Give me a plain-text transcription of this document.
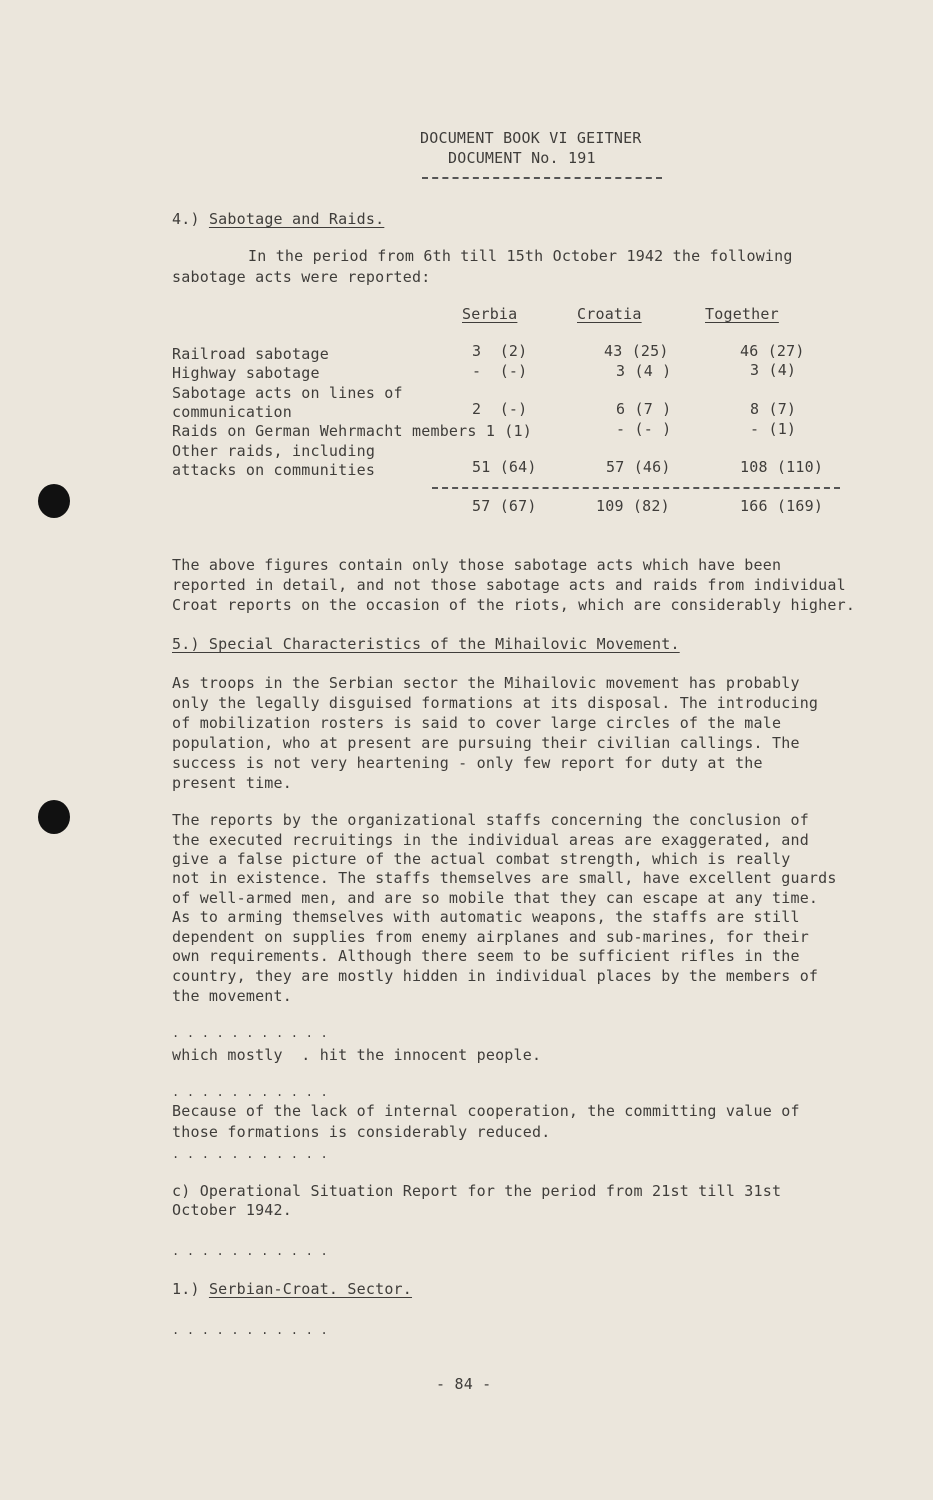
DOCUMENT BOOK VI GEITNER
DOCUMENT No. 191
4.) Sabotage and Raids.
In the period from 6th till 15th October 1942 the following
sabotage acts were reported:
Serbia	Croatia	Together
Railroad sabotage	3  (2)	43 (25)	46 (27)
Highway sabotage	-  (-)	3 (4 )	3 (4)
Sabotage acts on lines of
communication	2  (-)	6 (7 )	8 (7)
Raids on German Wehrmacht members 1 (1)	- (- )	- (1)
Other raids, including
attacks on communities	51 (64)	57 (46)	108 (110)
57 (67)	109 (82)	166 (169)
The above figures contain only those sabotage acts which have been
reported in detail, and not those sabotage acts and raids from individual
Croat reports on the occasion of the riots, which are considerably higher.
5.) Special Characteristics of the Mihailovic Movement.
As troops in the Serbian sector the Mihailovic movement has probably
only the legally disguised formations at its disposal. The introducing
of mobilization rosters is said to cover large circles of the male
population, who at present are pursuing their civilian callings. The
success is not very heartening - only few report for duty at the
present time.
The reports by the organizational staffs concerning the conclusion of
the executed recruitings in the individual areas are exaggerated, and
give a false picture of the actual combat strength, which is really
not in existence. The staffs themselves are small, have excellent guards
of well-armed men, and are so mobile that they can escape at any time.
As to arming themselves with automatic weapons, the staffs are still
dependent on supplies from enemy airplanes and sub-marines, for their
own requirements. Although there seem to be sufficient rifles in the
country, they are mostly hidden in individual places by the members of
the movement.
. . . . . . . . . . .
which mostly  . hit the innocent people.
. . . . . . . . . . .
Because of the lack of internal cooperation, the committing value of
those formations is considerably reduced.
. . . . . . . . . . .
c) Operational Situation Report for the period from 21st till 31st
October 1942.
. . . . . . . . . . .
1.) Serbian-Croat. Sector.
. . . . . . . . . . .
- 84 -
